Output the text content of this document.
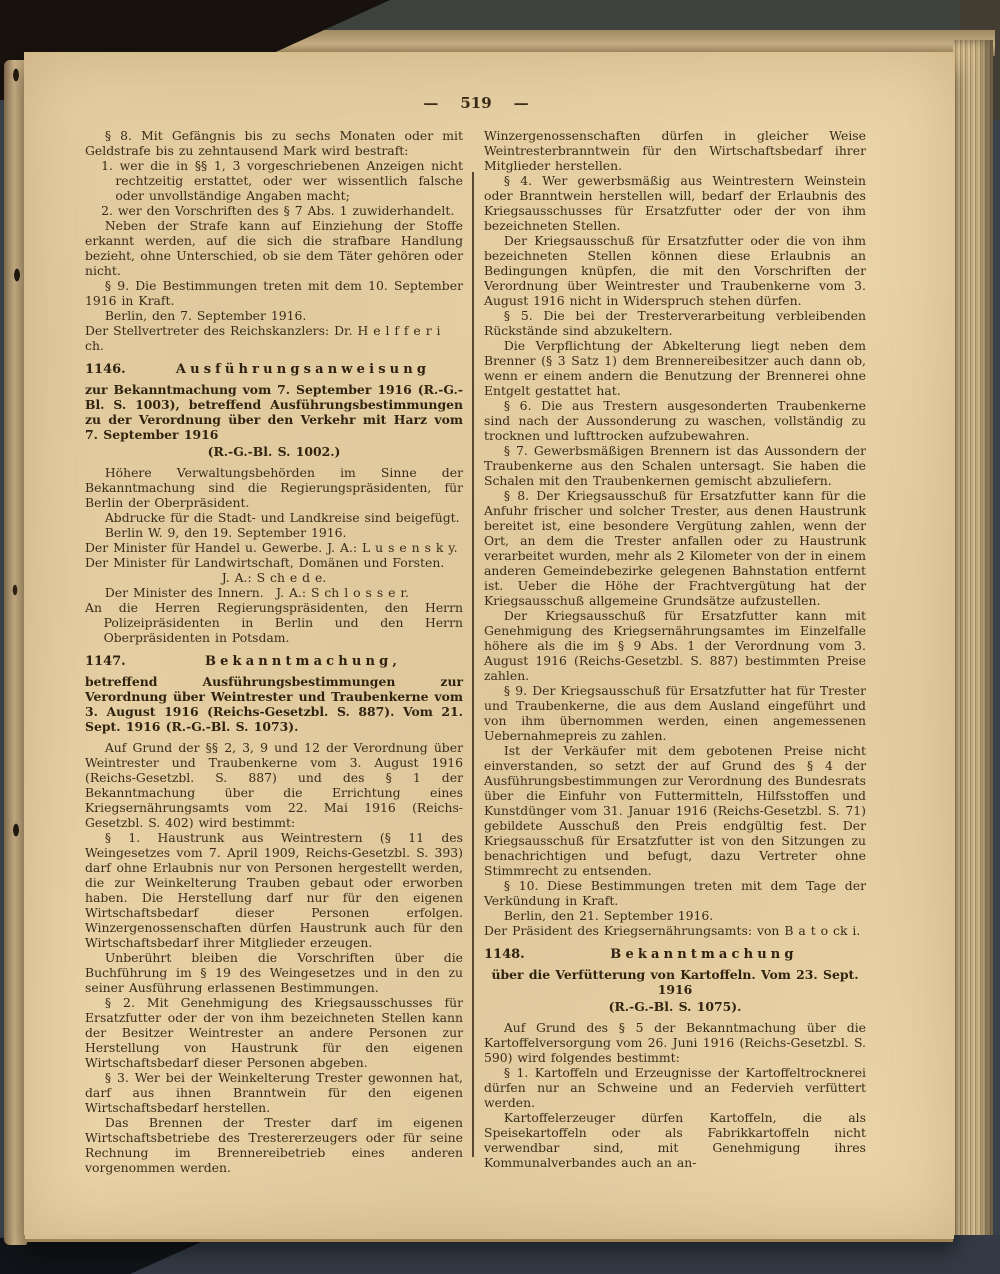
— 519 —

§ 8. Mit Gefängnis bis zu sechs Monaten oder mit Geldstrafe bis zu zehntausend Mark wird bestraft:

1. wer die in §§ 1, 3 vorgeschriebenen Anzeigen nicht rechtzeitig erstattet, oder wer wissentlich falsche oder unvollständige Angaben macht;

2. wer den Vorschriften des § 7 Abs. 1 zuwiderhandelt.

Neben der Strafe kann auf Einziehung der Stoffe erkannt werden, auf die sich die strafbare Handlung bezieht, ohne Unterschied, ob sie dem Täter gehören oder nicht.

§ 9. Die Bestimmungen treten mit dem 10. September 1916 in Kraft.

Berlin, den 7. September 1916.

Der Stellvertreter des Reichskanzlers: Dr. H e l f f e r i ch.

1146.	Ausführungsanweisung

zur Bekanntmachung vom 7. September 1916 (R.-G.-Bl. S. 1003), betreffend Ausführungsbestimmungen zu der Verordnung über den Verkehr mit Harz vom 7. September 1916

(R.-G.-Bl. S. 1002.)

Höhere Verwaltungsbehörden im Sinne der Bekanntmachung sind die Regierungspräsidenten, für Berlin der Oberpräsident.

Abdrucke für die Stadt- und Landkreise sind beigefügt.

Berlin W. 9, den 19. September 1916.

Der Minister für Handel u. Gewerbe. J. A.: L u s e n s k y.

Der Minister für Landwirtschaft, Domänen und Forsten.

J. A.: S ch e d e.

Der Minister des Innern. J. A.: S ch l o s s e r.

An die Herren Regierungspräsidenten, den Herrn Polizeipräsidenten in Berlin und den Herrn Oberpräsidenten in Potsdam.

1147.	Bekanntmachung,

betreffend Ausführungsbestimmungen zur Verordnung über Weintrester und Traubenkerne vom 3. August 1916 (Reichs-Gesetzbl. S. 887). Vom 21. Sept. 1916 (R.-G.-Bl. S. 1073).

Auf Grund der §§ 2, 3, 9 und 12 der Verordnung über Weintrester und Traubenkerne vom 3. August 1916 (Reichs-Gesetzbl. S. 887) und des § 1 der Bekanntmachung über die Errichtung eines Kriegsernährungsamts vom 22. Mai 1916 (Reichs-Gesetzbl. S. 402) wird bestimmt:

§ 1. Haustrunk aus Weintrestern (§ 11 des Weingesetzes vom 7. April 1909, Reichs-Gesetzbl. S. 393) darf ohne Erlaubnis nur von Personen hergestellt werden, die zur Weinkelterung Trauben gebaut oder erworben haben. Die Herstellung darf nur für den eigenen Wirtschaftsbedarf dieser Personen erfolgen. Winzergenossenschaften dürfen Haustrunk auch für den Wirtschaftsbedarf ihrer Mitglieder erzeugen.

Unberührt bleiben die Vorschriften über die Buchführung im § 19 des Weingesetzes und in den zu seiner Ausführung erlassenen Bestimmungen.

§ 2. Mit Genehmigung des Kriegsausschusses für Ersatzfutter oder der von ihm bezeichneten Stellen kann der Besitzer Weintrester an andere Personen zur Herstellung von Haustrunk für den eigenen Wirtschaftsbedarf dieser Personen abgeben.

§ 3. Wer bei der Weinkelterung Trester gewonnen hat, darf aus ihnen Branntwein für den eigenen Wirtschaftsbedarf herstellen.

Das Brennen der Trester darf im eigenen Wirtschaftsbetriebe des Trestererzeugers oder für seine Rechnung im Brennereibetrieb eines anderen vorgenommen werden.

Winzergenossenschaften dürfen in gleicher Weise Weintresterbranntwein für den Wirtschaftsbedarf ihrer Mitglieder herstellen.

§ 4. Wer gewerbsmäßig aus Weintrestern Weinstein oder Branntwein herstellen will, bedarf der Erlaubnis des Kriegsausschusses für Ersatzfutter oder der von ihm bezeichneten Stellen.

Der Kriegsausschuß für Ersatzfutter oder die von ihm bezeichneten Stellen können diese Erlaubnis an Bedingungen knüpfen, die mit den Vorschriften der Verordnung über Weintrester und Traubenkerne vom 3. August 1916 nicht in Widerspruch stehen dürfen.

§ 5. Die bei der Tresterverarbeitung verbleibenden Rückstände sind abzukeltern.

Die Verpflichtung der Abkelterung liegt neben dem Brenner (§ 3 Satz 1) dem Brennereibesitzer auch dann ob, wenn er einem andern die Benutzung der Brennerei ohne Entgelt gestattet hat.

§ 6. Die aus Trestern ausgesonderten Traubenkerne sind nach der Aussonderung zu waschen, vollständig zu trocknen und lufttrocken aufzubewahren.

§ 7. Gewerbsmäßigen Brennern ist das Aussondern der Traubenkerne aus den Schalen untersagt. Sie haben die Schalen mit den Traubenkernen gemischt abzuliefern.

§ 8. Der Kriegsausschuß für Ersatzfutter kann für die Anfuhr frischer und solcher Trester, aus denen Haustrunk bereitet ist, eine besondere Vergütung zahlen, wenn der Ort, an dem die Trester anfallen oder zu Haustrunk verarbeitet wurden, mehr als 2 Kilometer von der in einem anderen Gemeindebezirke gelegenen Bahnstation entfernt ist. Ueber die Höhe der Frachtvergütung hat der Kriegsausschuß allgemeine Grundsätze aufzustellen.

Der Kriegsausschuß für Ersatzfutter kann mit Genehmigung des Kriegsernährungsamtes im Einzelfalle höhere als die im § 9 Abs. 1 der Verordnung vom 3. August 1916 (Reichs-Gesetzbl. S. 887) bestimmten Preise zahlen.

§ 9. Der Kriegsausschuß für Ersatzfutter hat für Trester und Traubenkerne, die aus dem Ausland eingeführt und von ihm übernommen werden, einen angemessenen Uebernahmepreis zu zahlen.

Ist der Verkäufer mit dem gebotenen Preise nicht einverstanden, so setzt der auf Grund des § 4 der Ausführungsbestimmungen zur Verordnung des Bundesrats über die Einfuhr von Futtermitteln, Hilfsstoffen und Kunstdünger vom 31. Januar 1916 (Reichs-Gesetzbl. S. 71) gebildete Ausschuß den Preis endgültig fest. Der Kriegsausschuß für Ersatzfutter ist von den Sitzungen zu benachrichtigen und befugt, dazu Vertreter ohne Stimmrecht zu entsenden.

§ 10. Diese Bestimmungen treten mit dem Tage der Verkündung in Kraft.

Berlin, den 21. September 1916.

Der Präsident des Kriegsernährungsamts: von B a t o ck i.

1148.	Bekanntmachung

über die Verfütterung von Kartoffeln. Vom 23. Sept. 1916

(R.-G.-Bl. S. 1075).

Auf Grund des § 5 der Bekanntmachung über die Kartoffelversorgung vom 26. Juni 1916 (Reichs-Gesetzbl. S. 590) wird folgendes bestimmt:

§ 1. Kartoffeln und Erzeugnisse der Kartoffeltrocknerei dürfen nur an Schweine und an Federvieh verfüttert werden.

Kartoffelerzeuger dürfen Kartoffeln, die als Speisekartoffeln oder als Fabrikkartoffeln nicht verwendbar sind, mit Genehmigung ihres Kommunalverbandes auch an an-
